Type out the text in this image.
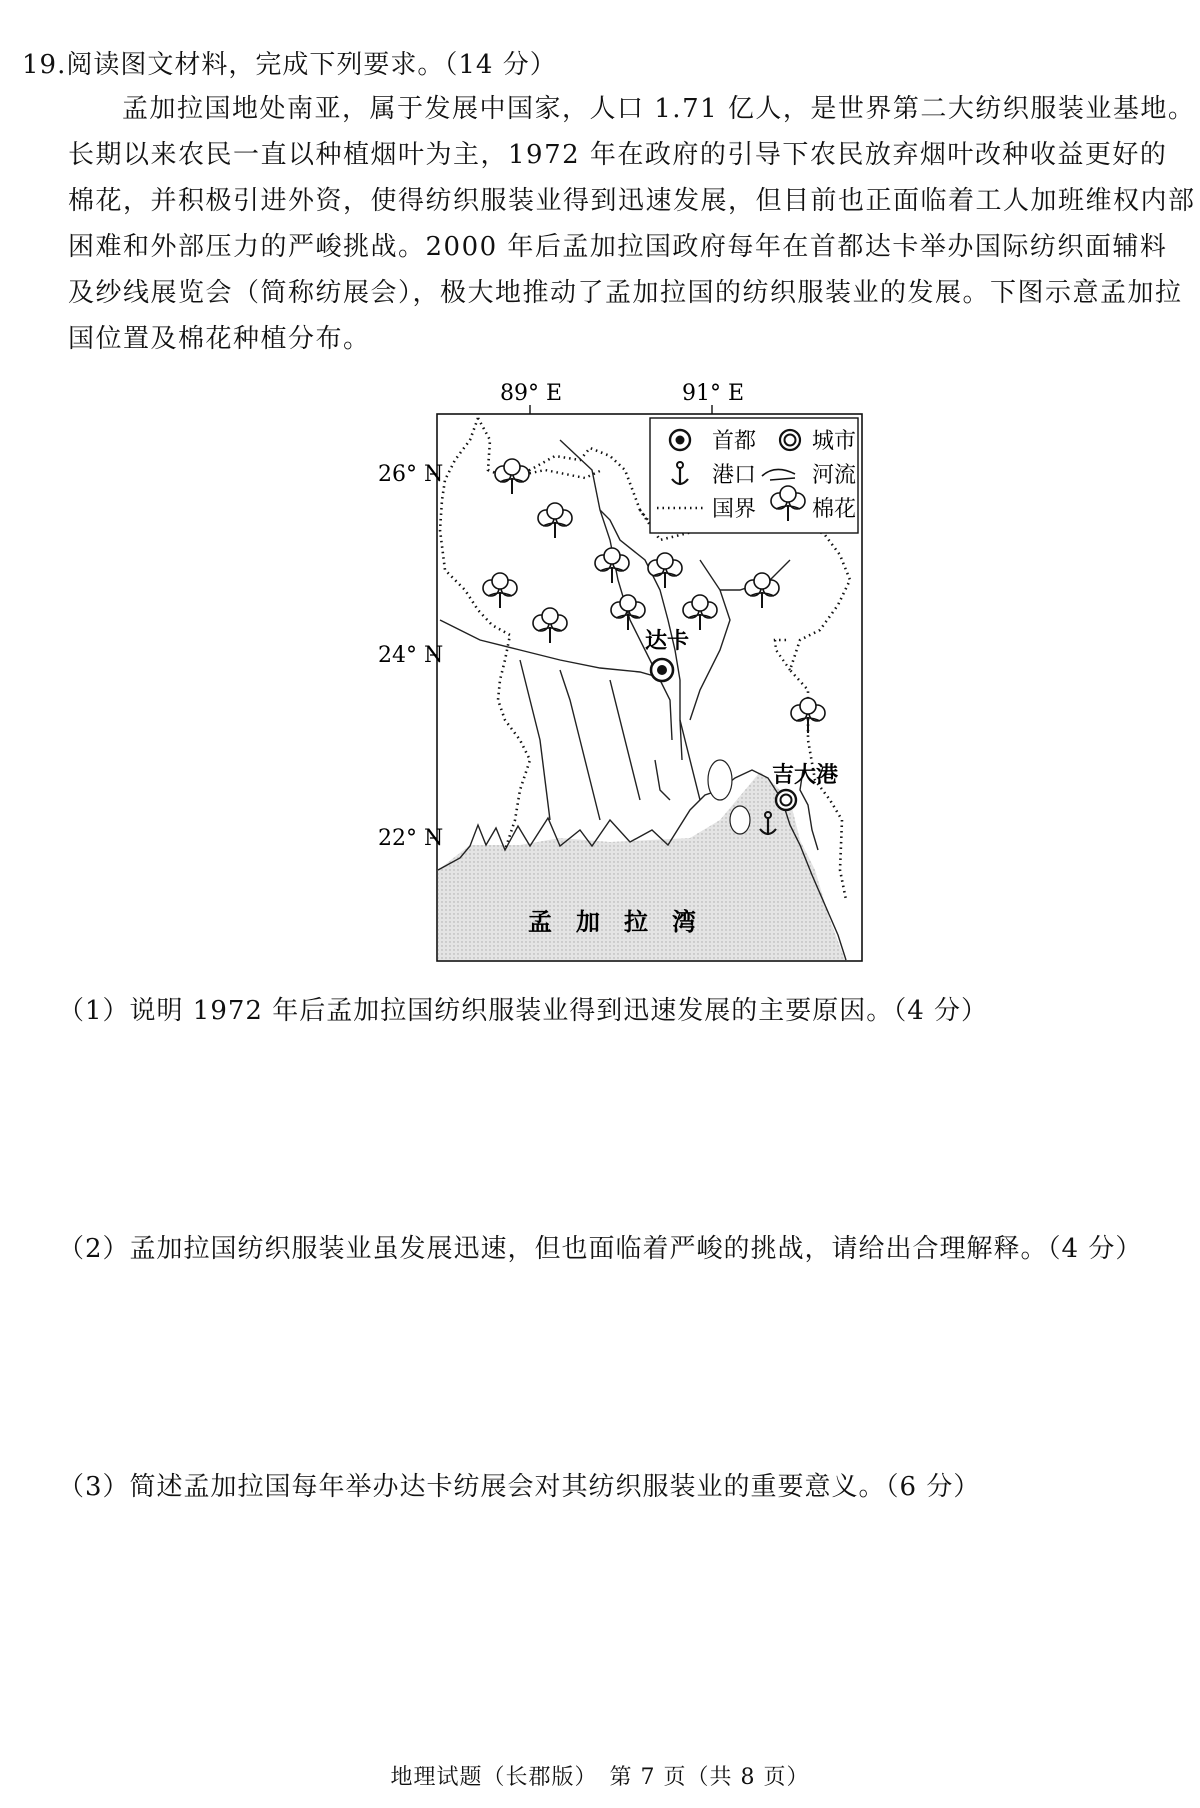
19.阅读图文材料，完成下列要求。（14 分）
孟加拉国地处南亚，属于发展中国家，人口 1.71 亿人，是世界第二大纺织服装业基地。
长期以来农民一直以种植烟叶为主，1972 年在政府的引导下农民放弃烟叶改种收益更好的
棉花，并积极引进外资，使得纺织服装业得到迅速发展，但目前也正面临着工人加班维权内部
困难和外部压力的严峻挑战。2000 年后孟加拉国政府每年在首都达卡举办国际纺织面辅料
及纱线展览会（简称纺展会），极大地推动了孟加拉国的纺织服装业的发展。下图示意孟加拉
国位置及棉花种植分布。
首都	城市
港口	河流
国界	棉花
89° E	91° E
26° N
24° N
22° N
达卡
吉大港
孟　加　拉　湾
（1）说明 1972 年后孟加拉国纺织服装业得到迅速发展的主要原因。（4 分）
（2）孟加拉国纺织服装业虽发展迅速，但也面临着严峻的挑战，请给出合理解释。（4 分）
（3）简述孟加拉国每年举办达卡纺展会对其纺织服装业的重要意义。（6 分）
地理试题（长郡版）　第 7 页（共 8 页）
